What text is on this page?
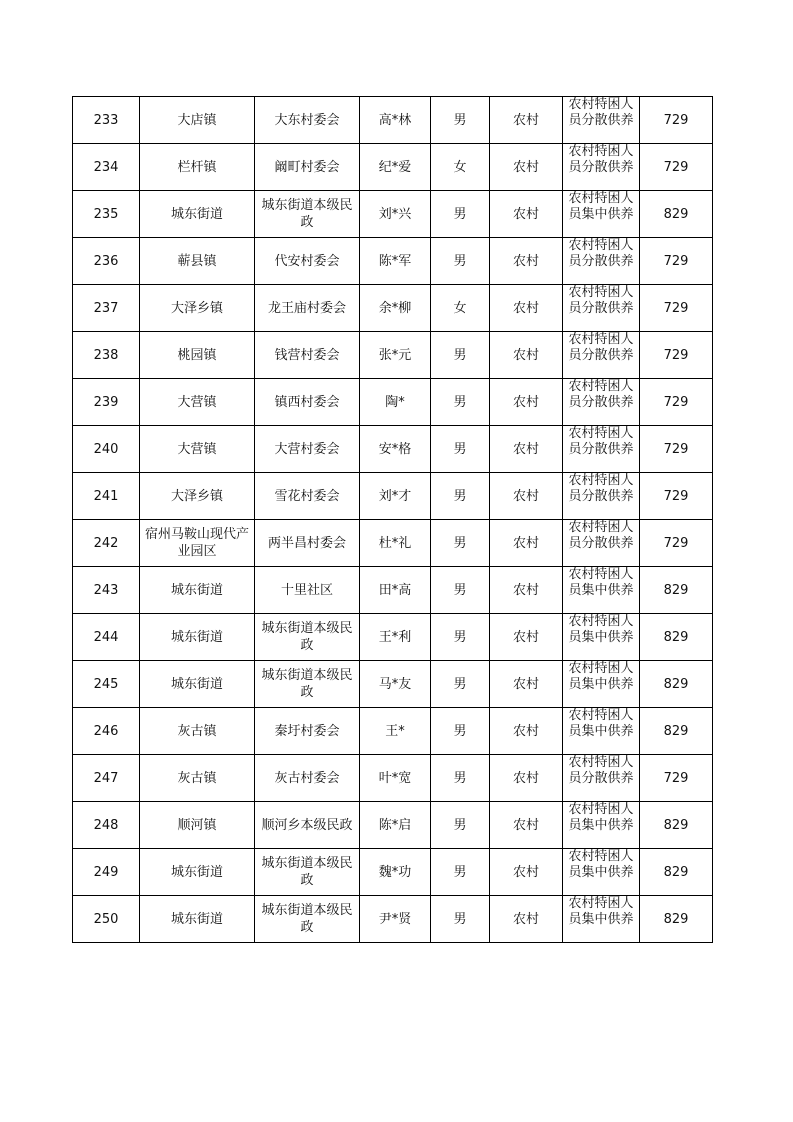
233	大店镇	大东村委会	高*林	男	农村	农村特困人员分散供养	729
234	栏杆镇	阚町村委会	纪*爱	女	农村	农村特困人员分散供养	729
235	城东街道	城东街道本级民政	刘*兴	男	农村	农村特困人员集中供养	829
236	蕲县镇	代安村委会	陈*军	男	农村	农村特困人员分散供养	729
237	大泽乡镇	龙王庙村委会	余*柳	女	农村	农村特困人员分散供养	729
238	桃园镇	钱营村委会	张*元	男	农村	农村特困人员分散供养	729
239	大营镇	镇西村委会	陶*	男	农村	农村特困人员分散供养	729
240	大营镇	大营村委会	安*格	男	农村	农村特困人员分散供养	729
241	大泽乡镇	雪花村委会	刘*才	男	农村	农村特困人员分散供养	729
242	宿州马鞍山现代产业园区	两半昌村委会	杜*礼	男	农村	农村特困人员分散供养	729
243	城东街道	十里社区	田*高	男	农村	农村特困人员集中供养	829
244	城东街道	城东街道本级民政	王*利	男	农村	农村特困人员集中供养	829
245	城东街道	城东街道本级民政	马*友	男	农村	农村特困人员集中供养	829
246	灰古镇	秦圩村委会	王*	男	农村	农村特困人员集中供养	829
247	灰古镇	灰古村委会	叶*宽	男	农村	农村特困人员分散供养	729
248	顺河镇	顺河乡本级民政	陈*启	男	农村	农村特困人员集中供养	829
249	城东街道	城东街道本级民政	魏*功	男	农村	农村特困人员集中供养	829
250	城东街道	城东街道本级民政	尹*贤	男	农村	农村特困人员集中供养	829
